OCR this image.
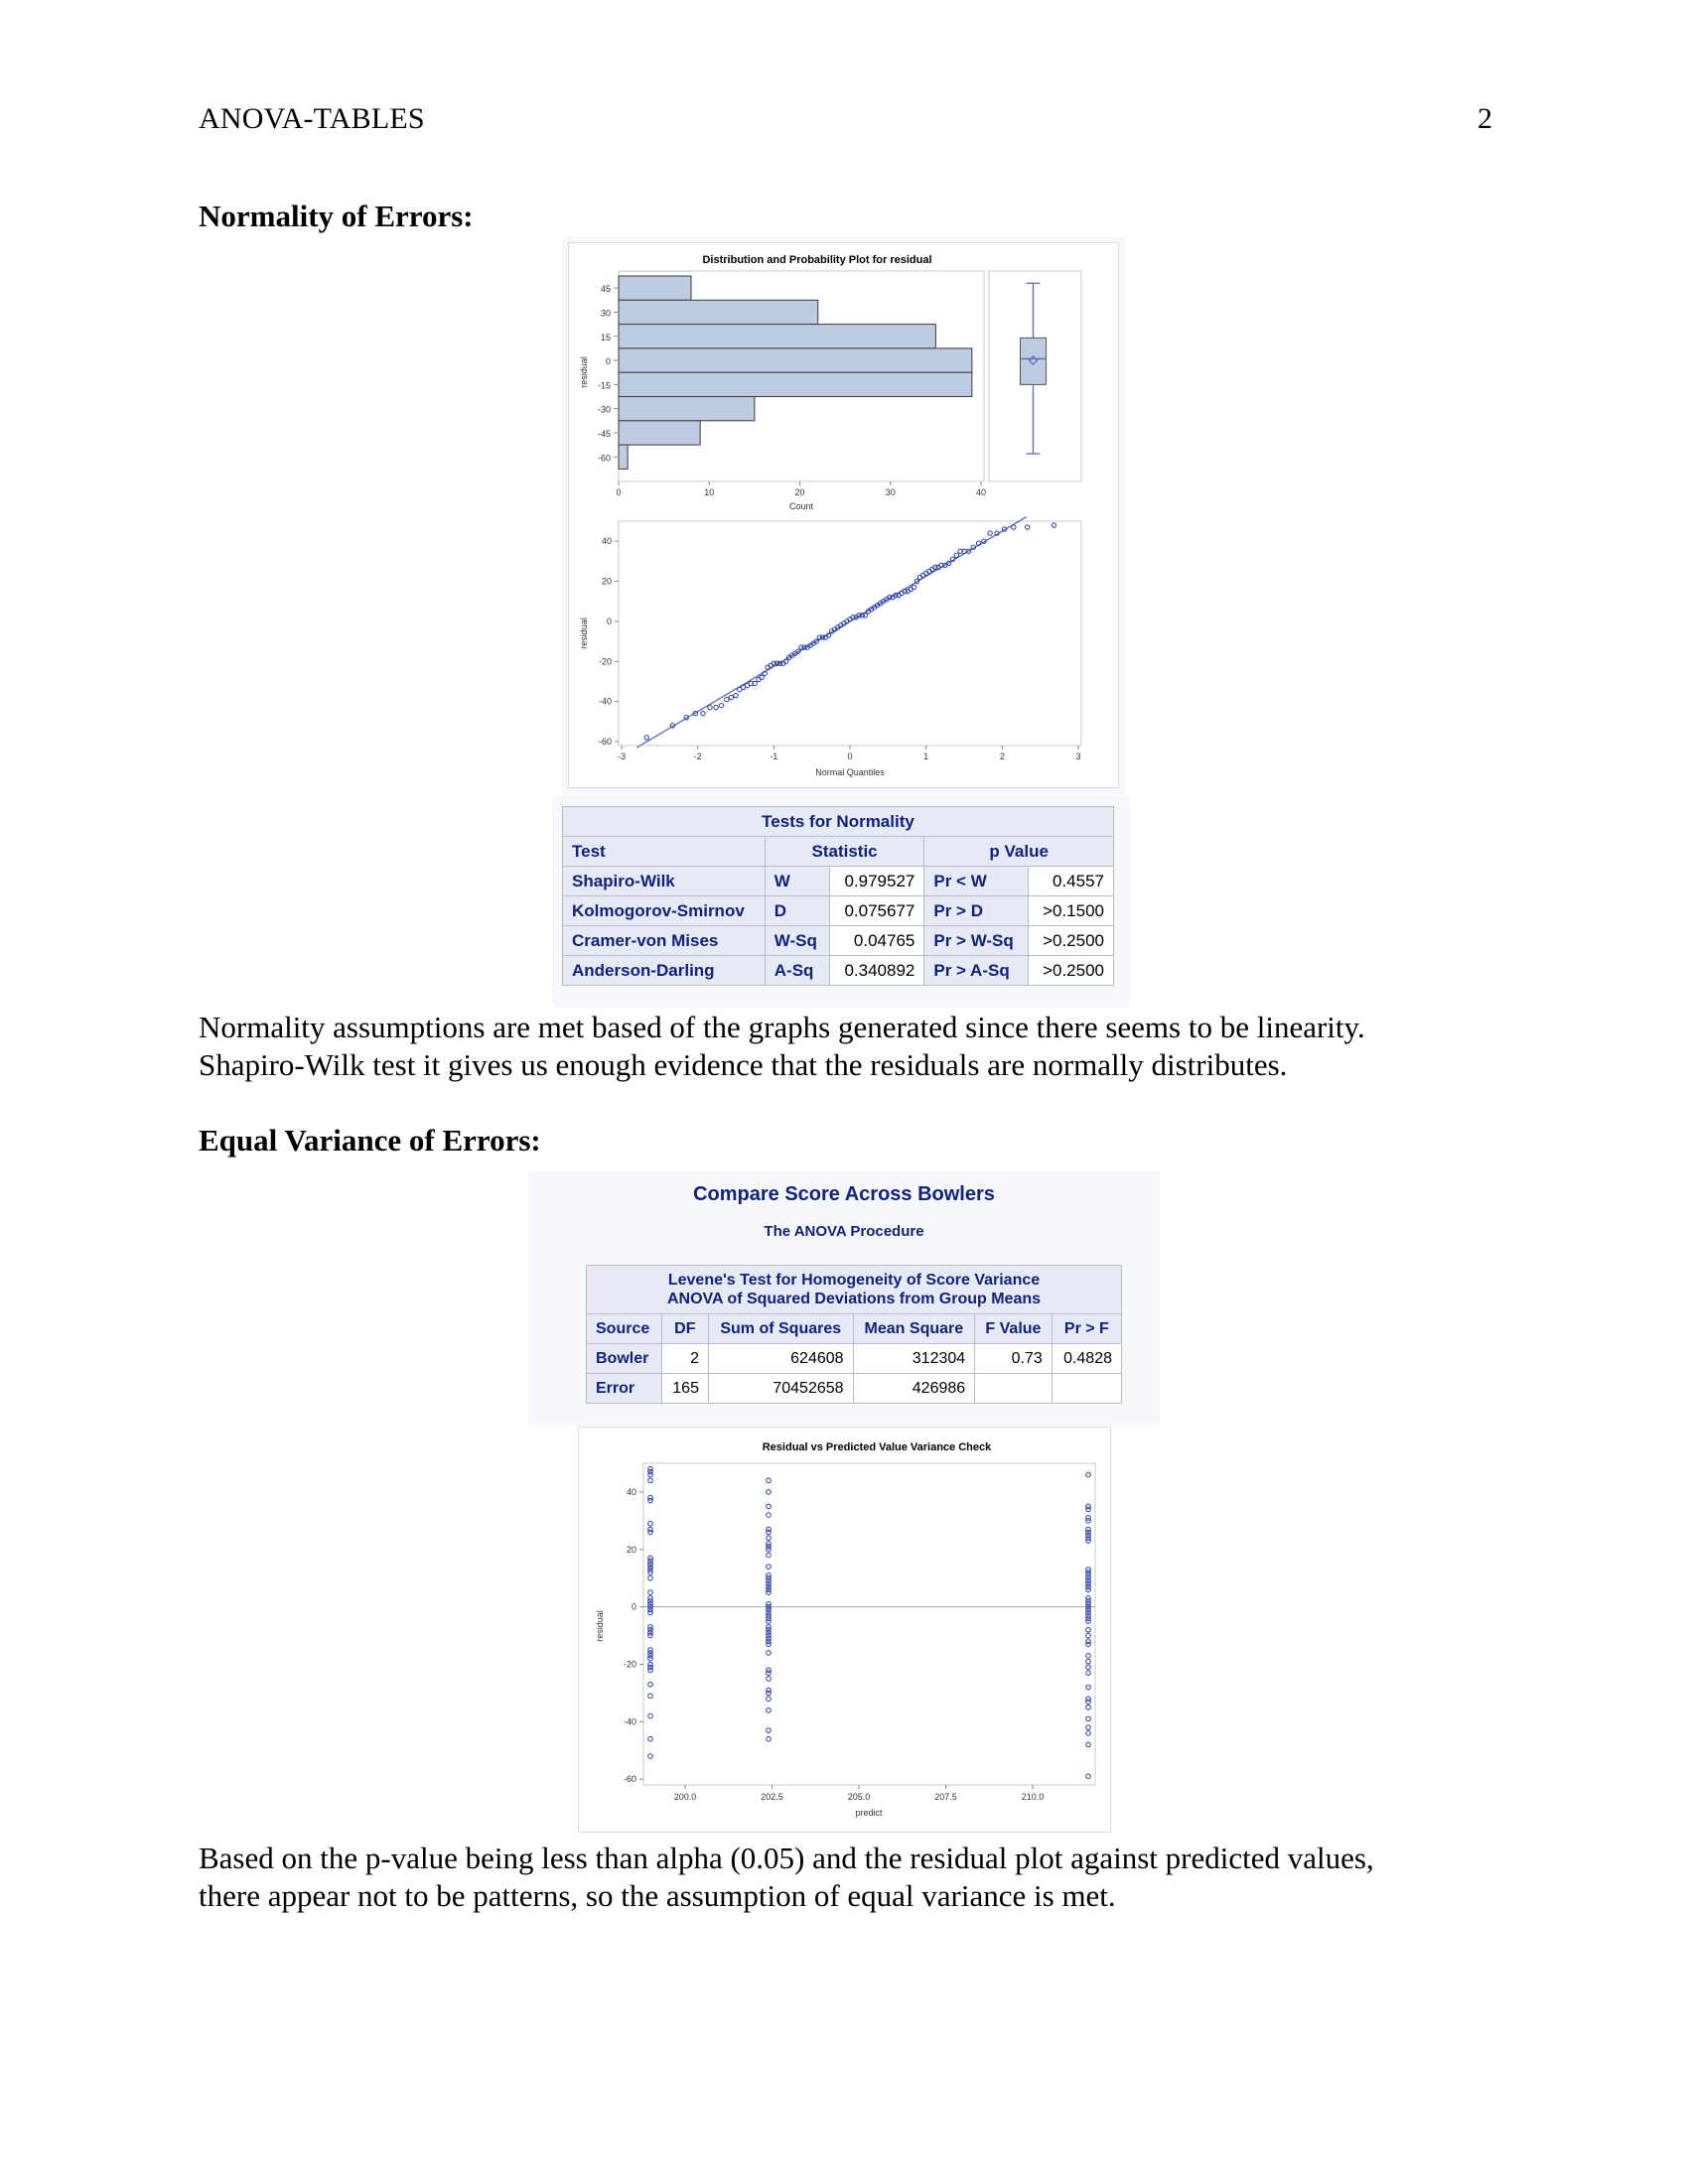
ANOVA-TABLES	2
Normality of Errors:
Distribution and Probability Plot for residual
45
30
15
0
-15
-30
-45
-60
0	10	20	30	40
Count
residual
-3	-2	-1	0	1	2	3
40
20
0
-20
-40
-60
Normal Quantiles
residual
Tests for Normality				
Test	Statistic		p Value	
Shapiro-Wilk	W	0.979527	Pr < W	0.4557
Kolmogorov-Smirnov	D	0.075677	Pr > D	>0.1500
Cramer-von Mises	W-Sq	0.04765	Pr > W-Sq	>0.2500
Anderson-Darling	A-Sq	0.340892	Pr > A-Sq	>0.2500
Normality assumptions are met based of the graphs generated since there seems to be linearity.
Shapiro-Wilk test it gives us enough evidence that the residuals are normally distributes.
Equal Variance of Errors:
Compare Score Across Bowlers
The ANOVA Procedure
Levene's Test for Homogeneity of Score Variance
ANOVA of Squared Deviations from Group Means					

Source	DF	Sum of Squares	Mean Square	F Value	Pr > F
Bowler	2	624608	312304	0.73	0.4828
Error	165	70452658	426986		
Residual vs Predicted Value Variance Check
200.0	202.5	205.0	207.5	210.0
40
20
0
-20
-40
-60
predict
residual
Based on the p-value being less than alpha (0.05) and the residual plot against predicted values,
there appear not to be patterns, so the assumption of equal variance is met.
